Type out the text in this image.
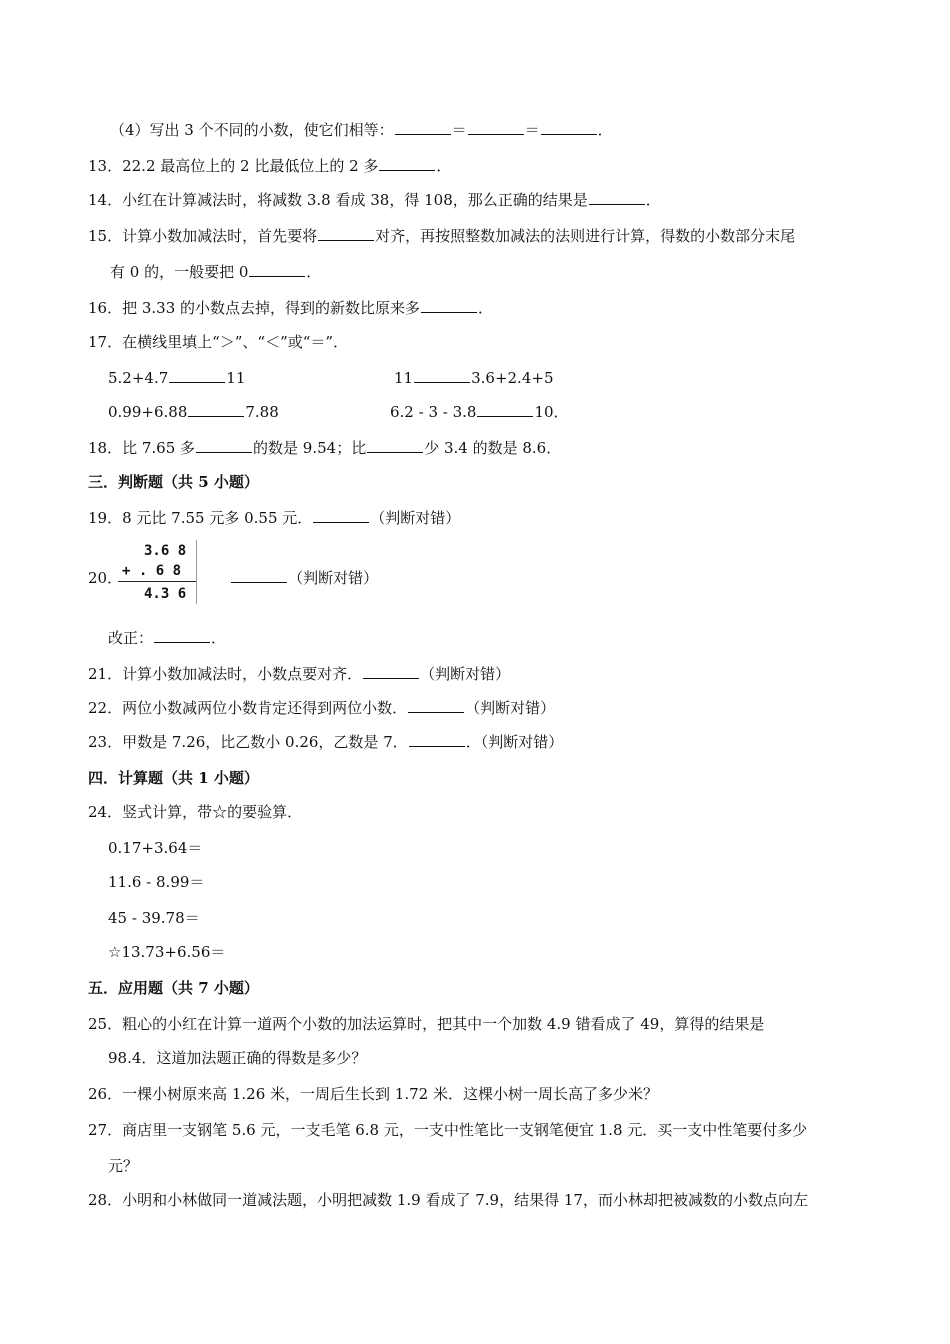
（4）写出 3 个不同的小数，使它们相等：	＝	＝	．
13．22.2 最高位上的 2 比最低位上的 2 多	．
14．小红在计算减法时，将减数 3.8 看成 38，得 108，那么正确的结果是	．
15．计算小数加减法时，首先要将	对齐，再按照整数加减法的法则进行计算，得数的小数部分末尾
有 0 的，一般要把 0	．
16．把 3.33 的小数点去掉，得到的新数比原来多	．
17．在横线里填上“＞”、“＜”或“＝”．
5.2+4.7	11	11	3.6+2.4+5
0.99+6.88	7.88	6.2 - 3 - 3.8	10．
18．比 7.65 多	的数是 9.54；比	少 3.4 的数是 8.6．
三．判断题（共 5 小题）
19．8 元比 7.55 元多 0.55 元．	（判断对错）
20．	（判断对错）
3.6 8
+ . 6 8
4.3 6
改正：	．
21．计算小数加减法时，小数点要对齐．	（判断对错）
22．两位小数减两位小数肯定还得到两位小数．	（判断对错）
23．甲数是 7.26，比乙数小 0.26，乙数是 7．	．（判断对错）
四．计算题（共 1 小题）
24．竖式计算，带☆的要验算．
0.17+3.64＝
11.6 - 8.99＝
45 - 39.78＝
☆13.73+6.56＝
五．应用题（共 7 小题）
25．粗心的小红在计算一道两个小数的加法运算时，把其中一个加数 4.9 错看成了 49，算得的结果是
98.4．这道加法题正确的得数是多少？
26．一棵小树原来高 1.26 米，一周后生长到 1.72 米．这棵小树一周长高了多少米？
27．商店里一支钢笔 5.6 元，一支毛笔 6.8 元，一支中性笔比一支钢笔便宜 1.8 元．买一支中性笔要付多少
元？
28．小明和小林做同一道减法题，小明把减数 1.9 看成了 7.9，结果得 17，而小林却把被减数的小数点向左
